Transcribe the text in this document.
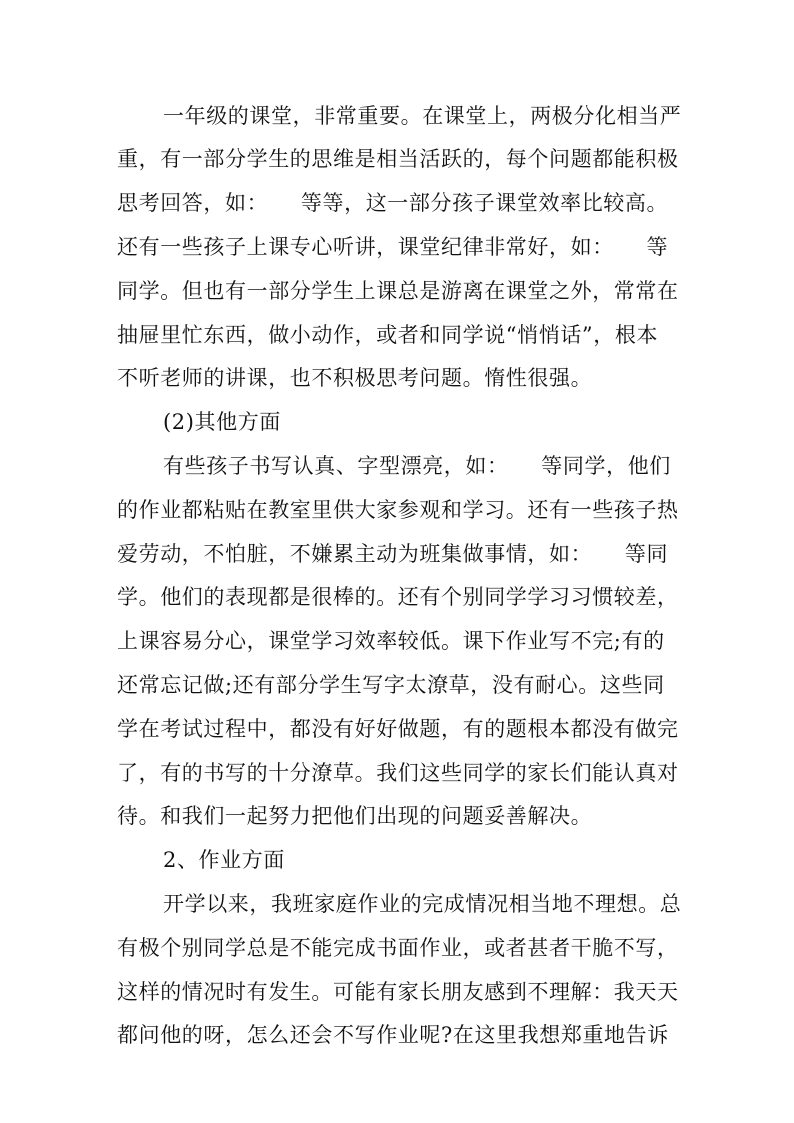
一年级的课堂，非常重要。在课堂上，两极分化相当严
重，有一部分学生的思维是相当活跃的，每个问题都能积极
思考回答，如：　　等等，这一部分孩子课堂效率比较高。
还有一些孩子上课专心听讲，课堂纪律非常好，如：　　等
同学。但也有一部分学生上课总是游离在课堂之外，常常在
抽屉里忙东西，做小动作，或者和同学说“悄悄话”，根本
不听老师的讲课，也不积极思考问题。惰性很强。
(2)其他方面
有些孩子书写认真、字型漂亮，如：　　等同学，他们
的作业都粘贴在教室里供大家参观和学习。还有一些孩子热
爱劳动，不怕脏，不嫌累主动为班集做事情，如：　　等同
学。他们的表现都是很棒的。还有个别同学学习习惯较差，
上课容易分心，课堂学习效率较低。课下作业写不完;有的
还常忘记做;还有部分学生写字太潦草，没有耐心。这些同
学在考试过程中，都没有好好做题，有的题根本都没有做完
了，有的书写的十分潦草。我们这些同学的家长们能认真对
待。和我们一起努力把他们出现的问题妥善解决。
2、作业方面
开学以来，我班家庭作业的完成情况相当地不理想。总
有极个别同学总是不能完成书面作业，或者甚者干脆不写，
这样的情况时有发生。可能有家长朋友感到不理解：我天天
都问他的呀，怎么还会不写作业呢?在这里我想郑重地告诉
